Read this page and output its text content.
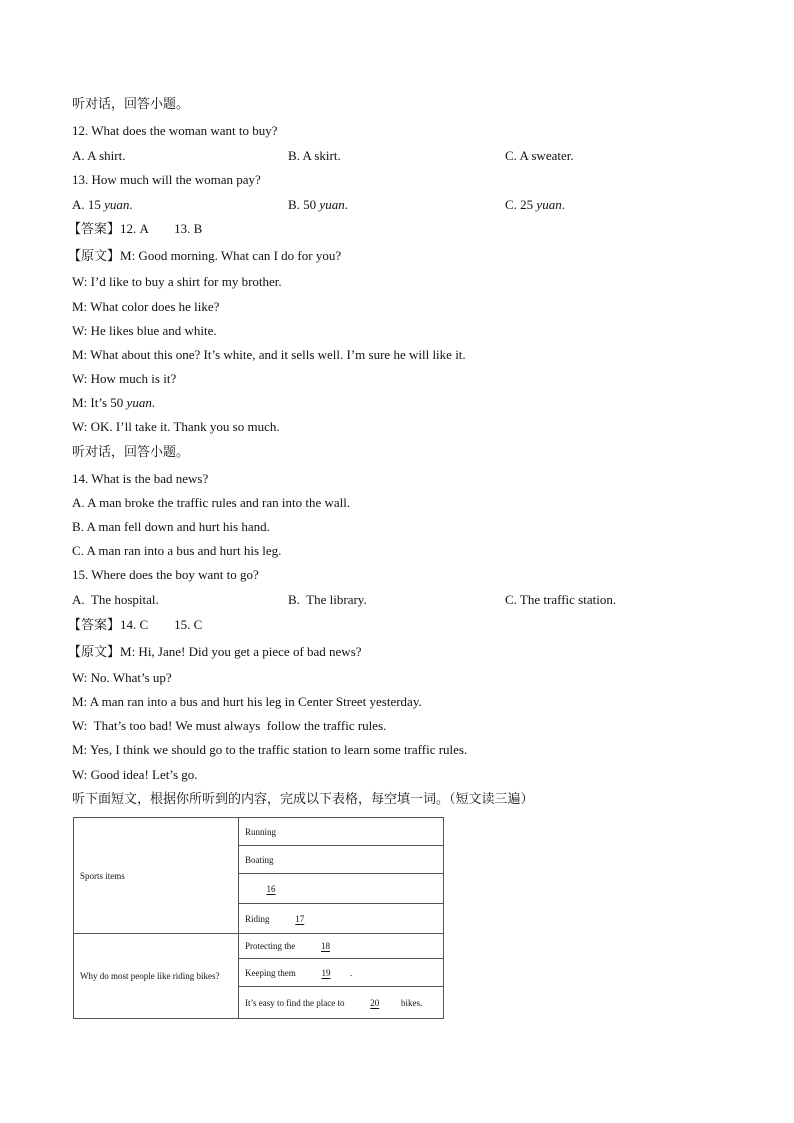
听对话，回答小题。
12. What does the woman want to buy?
A. A shirt.	B. A skirt.	C. A sweater.
13. How much will the woman pay?
A. 15 yuan.	B. 50 yuan.	C. 25 yuan.
【答案】12. A        13. B
【原文】M: Good morning. What can I do for you?
W: I’d like to buy a shirt for my brother.
M: What color does he like?
W: He likes blue and white.
M: What about this one? It’s white, and it sells well. I’m sure he will like it.
W: How much is it?
M: It’s 50 yuan.
W: OK. I’ll take it. Thank you so much.
听对话，回答小题。
14. What is the bad news?
A. A man broke the traffic rules and ran into the wall.
B. A man fell down and hurt his hand.
C. A man ran into a bus and hurt his leg.
15. Where does the boy want to go?
A.  The hospital.	B.  The library.	C. The traffic station.
【答案】14. C        15. C
【原文】M: Hi, Jane! Did you get a piece of bad news?
W: No. What’s up?
M: A man ran into a bus and hurt his leg in Center Street yesterday.
W:  That’s too bad! We must always  follow the traffic rules.
M: Yes, I think we should go to the traffic station to learn some traffic rules.
W: Good idea! Let’s go.
听下面短文，根据你所听到的内容，完成以下表格，每空填一词。（短文读三遍）
Sports items	Running
	Boating
	16
	Riding 17
Why do most people like riding bikes?	Protecting the 18
	Keeping them 19 .
	It’s easy to find the place to 20 bikes.
